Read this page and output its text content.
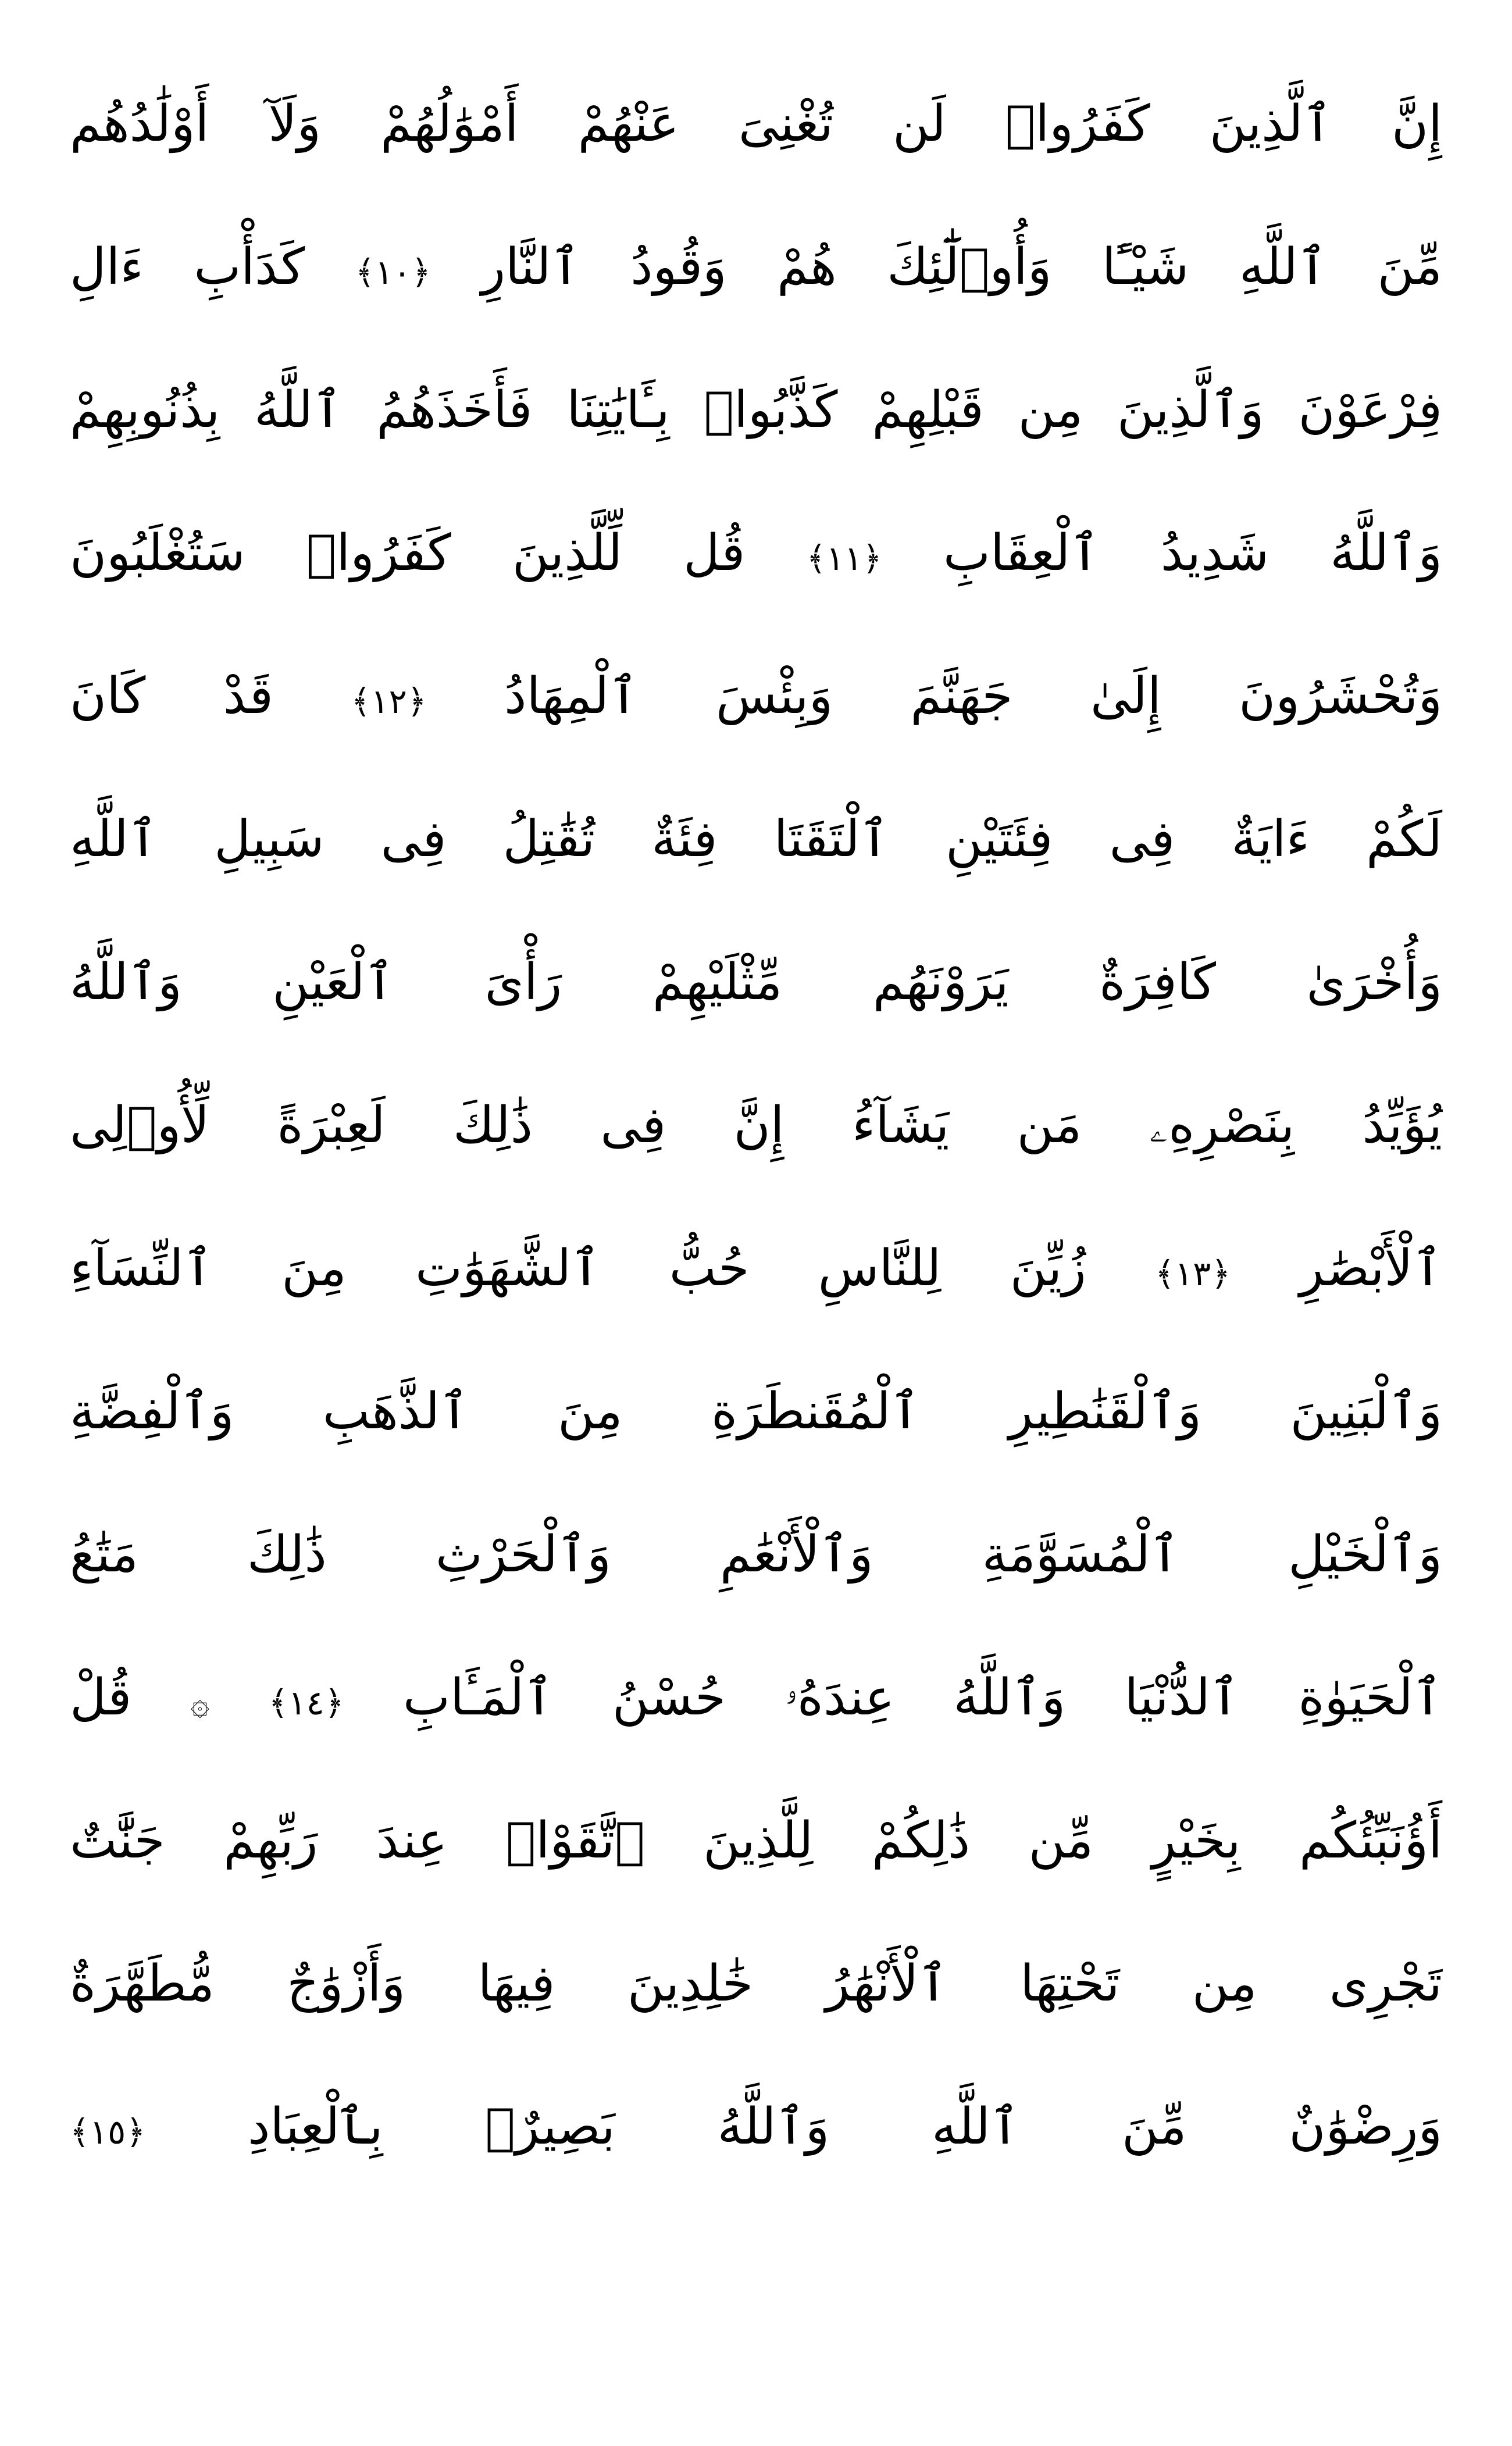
إِنَّ
ٱلَّذِينَ
كَفَرُوا۟
لَن
تُغْنِىَ
عَنْهُمْ
أَمْوَٰلُهُمْ
وَلَآ
أَوْلَٰدُهُم
مِّنَ
ٱللَّهِ
شَيْـًٔا
وَأُو۟لَٰٓئِكَ
هُمْ
وَقُودُ
ٱلنَّارِ
﴿١٠﴾
كَدَأْبِ
ءَالِ
فِرْعَوْنَ
وَٱلَّذِينَ
مِن
قَبْلِهِمْ
كَذَّبُوا۟
بِـَٔايَٰتِنَا
فَأَخَذَهُمُ
ٱللَّهُ
بِذُنُوبِهِمْ
وَٱللَّهُ
شَدِيدُ
ٱلْعِقَابِ
﴿١١﴾
قُل
لِّلَّذِينَ
كَفَرُوا۟
سَتُغْلَبُونَ
وَتُحْشَرُونَ
إِلَىٰ
جَهَنَّمَ
وَبِئْسَ
ٱلْمِهَادُ
﴿١٢﴾
قَدْ
كَانَ
لَكُمْ
ءَايَةٌ
فِى
فِئَتَيْنِ
ٱلْتَقَتَا
فِئَةٌ
تُقَٰتِلُ
فِى
سَبِيلِ
ٱللَّهِ
وَأُخْرَىٰ
كَافِرَةٌ
يَرَوْنَهُم
مِّثْلَيْهِمْ
رَأْىَ
ٱلْعَيْنِ
وَٱللَّهُ
يُؤَيِّدُ
بِنَصْرِهِۦ
مَن
يَشَآءُ
إِنَّ
فِى
ذَٰلِكَ
لَعِبْرَةً
لِّأُو۟لِى
ٱلْأَبْصَٰرِ
﴿١٣﴾
زُيِّنَ
لِلنَّاسِ
حُبُّ
ٱلشَّهَوَٰتِ
مِنَ
ٱلنِّسَآءِ
وَٱلْبَنِينَ
وَٱلْقَنَٰطِيرِ
ٱلْمُقَنطَرَةِ
مِنَ
ٱلذَّهَبِ
وَٱلْفِضَّةِ
وَٱلْخَيْلِ
ٱلْمُسَوَّمَةِ
وَٱلْأَنْعَٰمِ
وَٱلْحَرْثِ
ذَٰلِكَ
مَتَٰعُ
ٱلْحَيَوٰةِ
ٱلدُّنْيَا
وَٱللَّهُ
عِندَهُۥ
حُسْنُ
ٱلْمَـَٔابِ
﴿١٤﴾
۞
قُلْ
أَؤُنَبِّئُكُم
بِخَيْرٍ
مِّن
ذَٰلِكُمْ
لِلَّذِينَ
ٱتَّقَوْا۟
عِندَ
رَبِّهِمْ
جَنَّٰتٌ
تَجْرِى
مِن
تَحْتِهَا
ٱلْأَنْهَٰرُ
خَٰلِدِينَ
فِيهَا
وَأَزْوَٰجٌ
مُّطَهَّرَةٌ
وَرِضْوَٰنٌ
مِّنَ
ٱللَّهِ
وَٱللَّهُ
بَصِيرٌۢ
بِٱلْعِبَادِ
﴿١٥﴾
